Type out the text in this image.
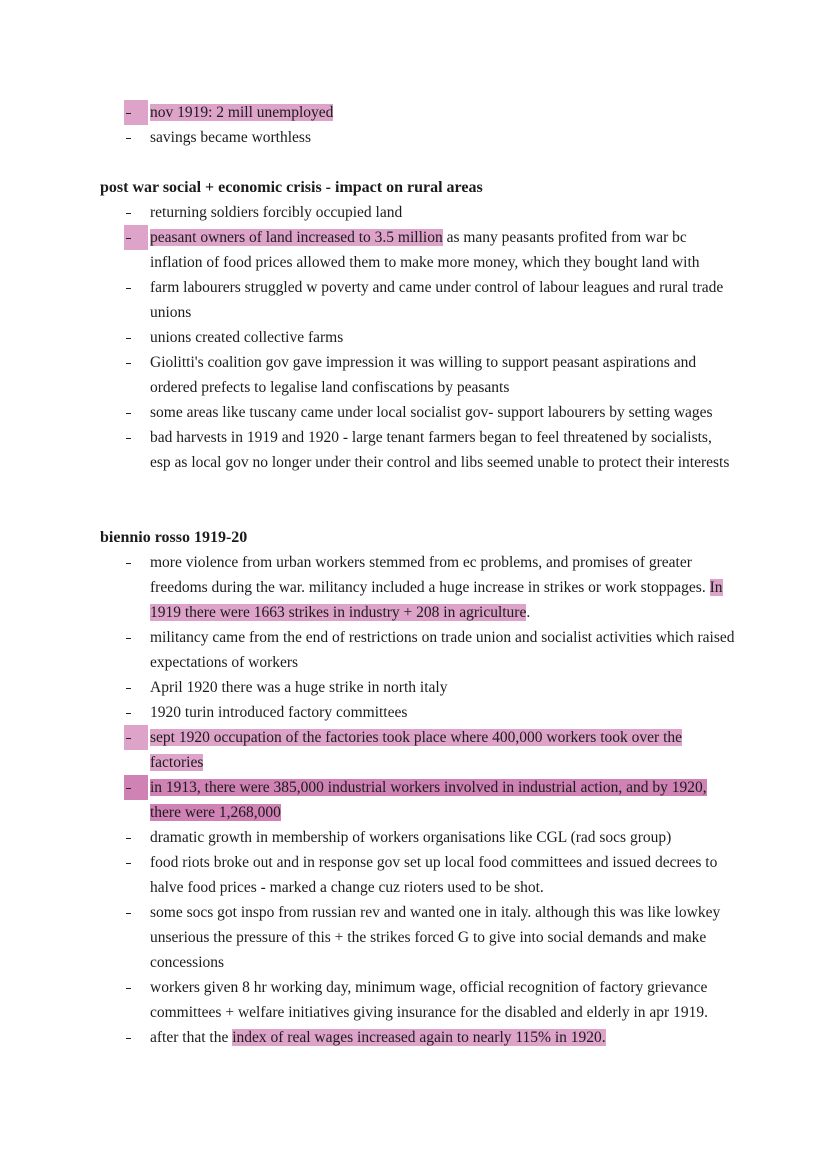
nov 1919: 2 mill unemployed
savings became worthless
post war social + economic crisis - impact on rural areas
returning soldiers forcibly occupied land
peasant owners of land increased to 3.5 million as many peasants profited from war bc inflation of food prices allowed them to make more money, which they bought land with
farm labourers struggled w poverty and came under control of labour leagues and rural trade unions
unions created collective farms
Giolitti's coalition gov gave impression it was willing to support peasant aspirations and ordered prefects to legalise land confiscations by peasants
some areas like tuscany came under local socialist gov- support labourers by setting wages
bad harvests in 1919 and 1920 - large tenant farmers began to feel threatened by socialists, esp as local gov no longer under their control and libs seemed unable to protect their interests
biennio rosso 1919-20
more violence from urban workers stemmed from ec problems, and promises of greater freedoms during the war. militancy included a huge increase in strikes or work stoppages. In 1919 there were 1663 strikes in industry + 208 in agriculture.
militancy came from the end of restrictions on trade union and socialist activities which raised expectations of workers
April 1920 there was a huge strike in north italy
1920 turin introduced factory committees
sept 1920 occupation of the factories took place where 400,000 workers took over the factories
in 1913, there were 385,000 industrial workers involved in industrial action, and by 1920, there were 1,268,000
dramatic growth in membership of workers organisations like CGL (rad socs group)
food riots broke out and in response gov set up local food committees and issued decrees to halve food prices - marked a change cuz rioters used to be shot.
some socs got inspo from russian rev and wanted one in italy. although this was like lowkey unserious the pressure of this + the strikes forced G to give into social demands and make concessions
workers given 8 hr working day, minimum wage, official recognition of factory grievance committees + welfare initiatives giving insurance for the disabled and elderly in apr 1919.
after that the index of real wages increased again to nearly 115% in 1920.
